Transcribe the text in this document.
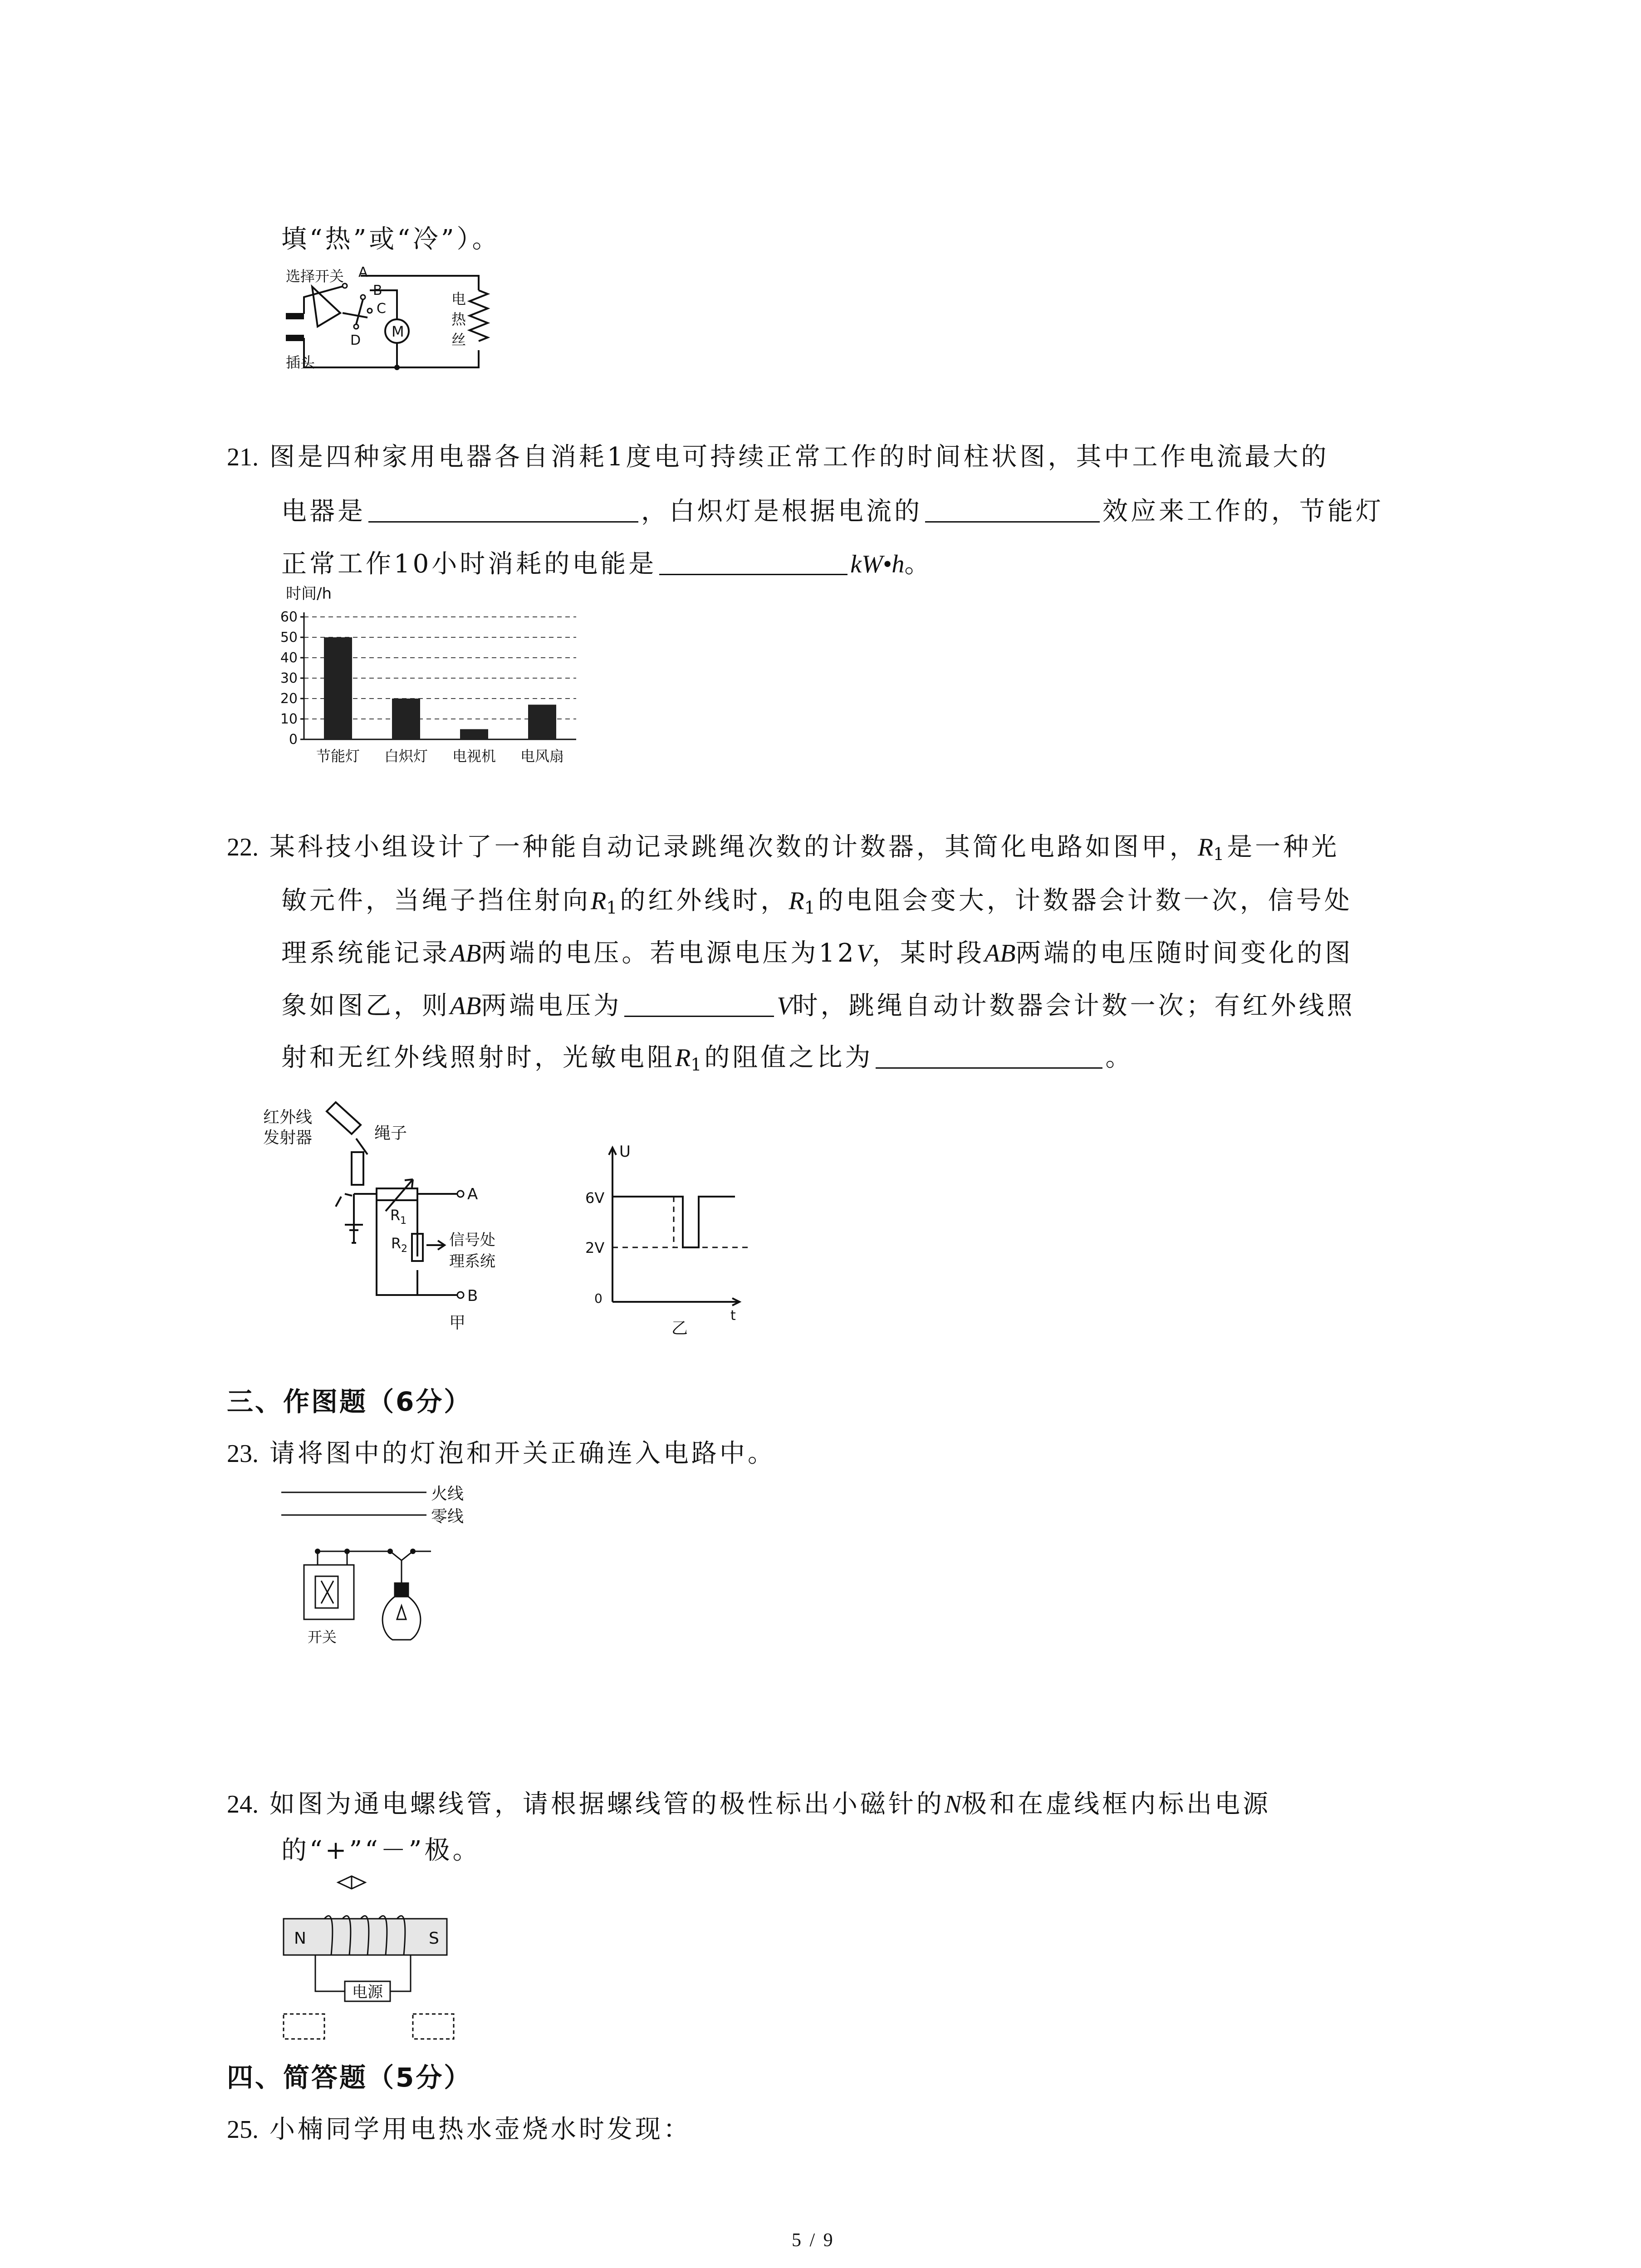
填“热”或“冷”）。
选择开关
插头
A
B
C
D
M
电
热
丝
21. 图是四种家用电器各自消耗1度电可持续正常工作的时间柱状图，其中工作电流最大的
电器是	，白炽灯是根据电流的	效应来工作的，节能灯
正常工作10小时消耗的电能是	kW•h。
时间/h
0
10
20
30
40
50
60
节能灯 白炽灯 电视机 电风扇
22. 某科技小组设计了一种能自动记录跳绳次数的计数器，其简化电路如图甲，$R_1$是一种光
敏元件，当绳子挡住射向$R_1$的红外线时，$R_1$的电阻会变大，计数器会计数一次，信号处
理系统能记录AB两端的电压。若电源电压为12V，某时段AB两端的电压随时间变化的图
象如图乙，则AB两端电压为	V时，跳绳自动计数器会计数一次；有红外线照
射和无红外线照射时，光敏电阻$R_1$的阻值之比为	。
红外线
发射器	绳子
R 1
R 2
A
B
信号处
理系统
甲
U
6V
2V
0
t
乙
三、作图题（6分）
23. 请将图中的灯泡和开关正确连入电路中。
火线
零线
开关
24. 如图为通电螺线管，请根据螺线管的极性标出小磁针的N极和在虚线框内标出电源
的“+”“－”极。
N	S
电源
四、简答题（5分）
25. 小楠同学用电热水壶烧水时发现：
5 / 9
